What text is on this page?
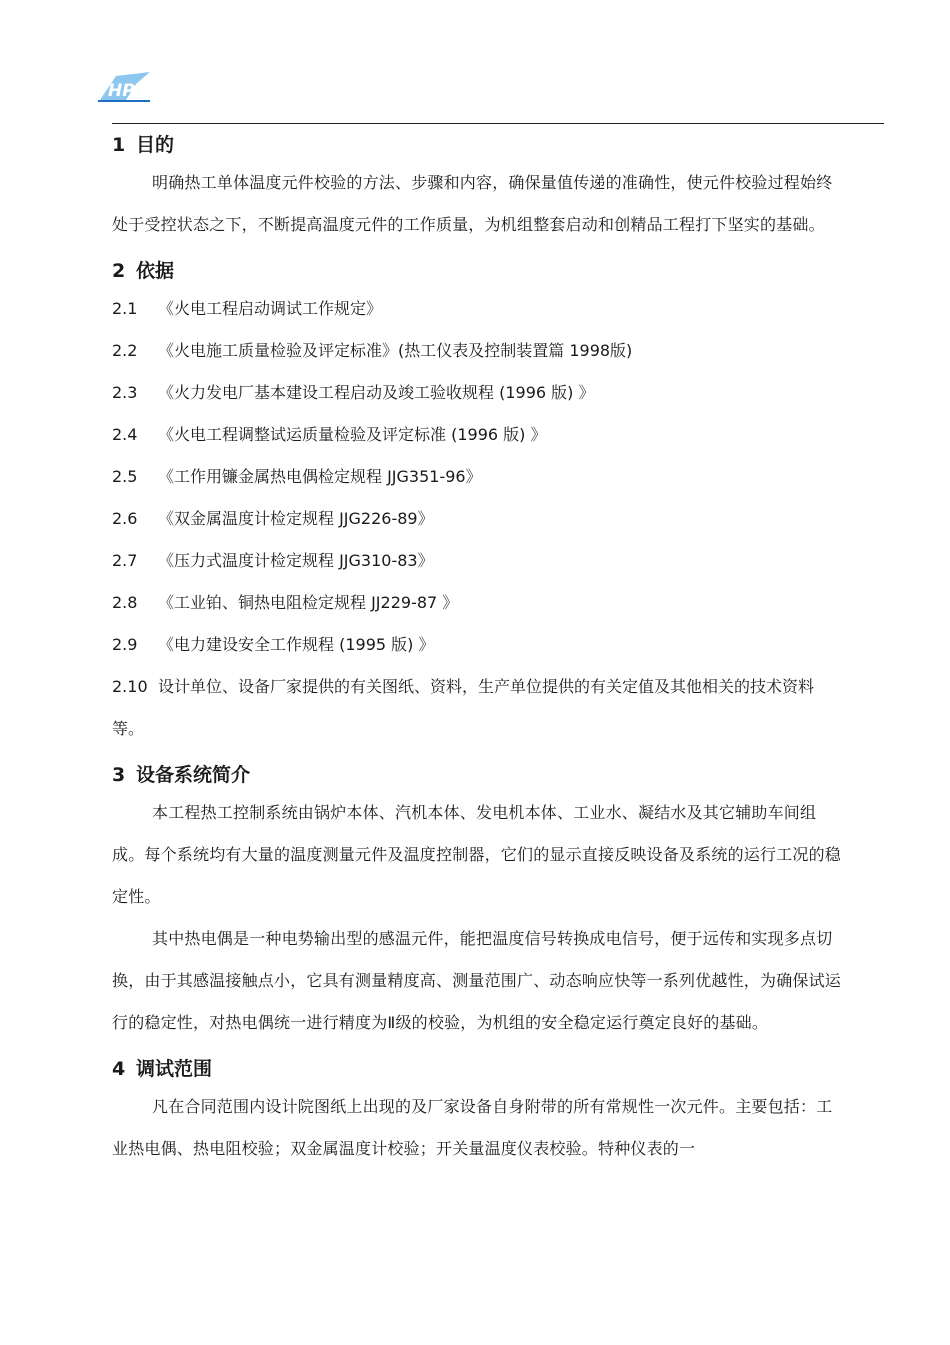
HP
1 目的

明确热工单体温度元件校验的方法、步骤和内容，确保量值传递的准确性，使元件校验过程始终处于受控状态之下，不断提高温度元件的工作质量，为机组整套启动和创精品工程打下坚实的基础。

2 依据

2.1 《火电工程启动调试工作规定》

2.2 《火电施工质量检验及评定标准》(热工仪表及控制装置篇 1998版)

2.3 《火力发电厂基本建设工程启动及竣工验收规程 (1996 版) 》

2.4 《火电工程调整试运质量检验及评定标准 (1996 版) 》

2.5 《工作用镰金属热电偶检定规程 JJG351-96》

2.6 《双金属温度计检定规程 JJG226-89》

2.7 《压力式温度计检定规程 JJG310-83》

2.8 《工业铂、铜热电阻检定规程 JJ229-87 》

2.9 《电力建设安全工作规程 (1995 版) 》

2.10 设计单位、设备厂家提供的有关图纸、资料，生产单位提供的有关定值及其他相关的技术资料等。

3 设备系统简介

本工程热工控制系统由锅炉本体、汽机本体、发电机本体、工业水、凝结水及其它辅助车间组成。每个系统均有大量的温度测量元件及温度控制器，它们的显示直接反映设备及系统的运行工况的稳定性。

其中热电偶是一种电势输出型的感温元件，能把温度信号转换成电信号，便于远传和实现多点切换，由于其感温接触点小，它具有测量精度高、测量范围广、动态响应快等一系列优越性，为确保试运行的稳定性，对热电偶统一进行精度为Ⅱ级的校验，为机组的安全稳定运行奠定良好的基础。

4 调试范围

凡在合同范围内设计院图纸上出现的及厂家设备自身附带的所有常规性一次元件。主要包括：工业热电偶、热电阻校验；双金属温度计校验；开关量温度仪表校验。特种仪表的一
